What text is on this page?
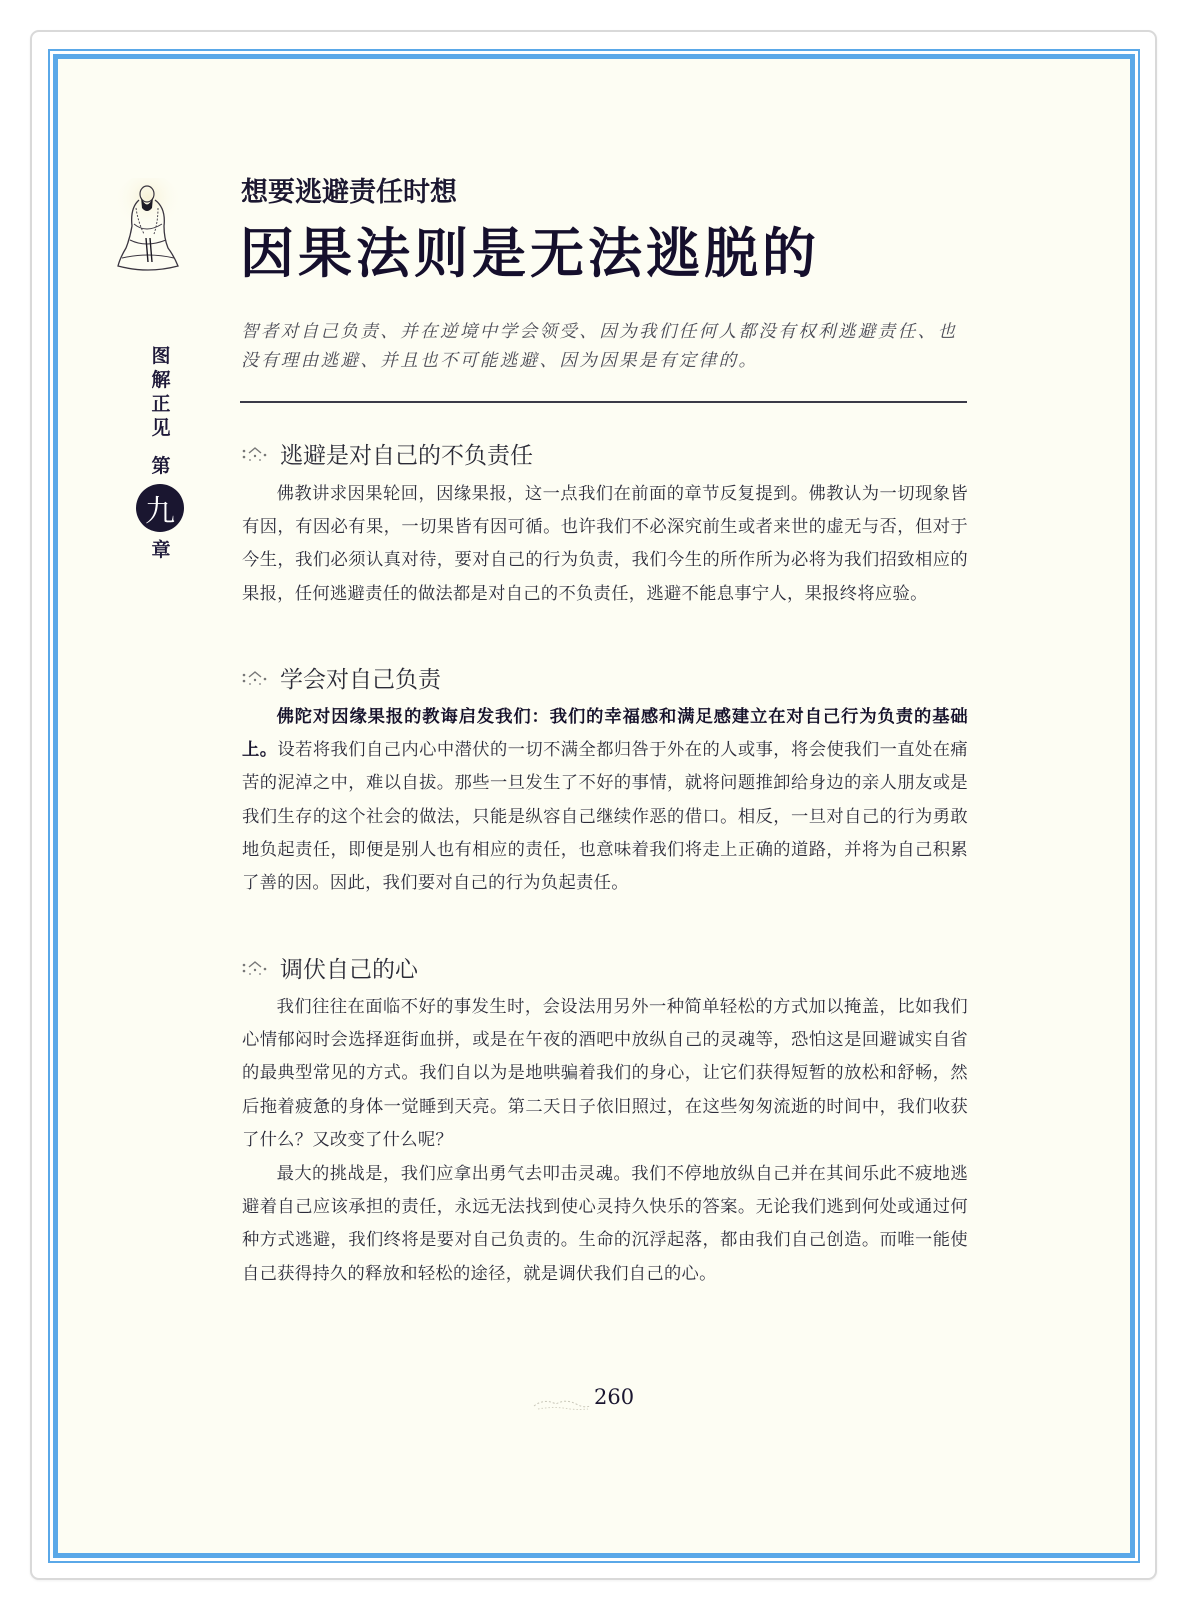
想要逃避责任时想
因果法则是无法逃脱的
智者对自己负责、并在逆境中学会领受、因为我们任何人都没有权利逃避责任、也没有理由逃避、并且也不可能逃避、因为因果是有定律的。
图
解
正
见
第
九
章
逃避是对自己的不负责任
佛教讲求因果轮回，因缘果报，这一点我们在前面的章节反复提到。佛教认为一切现象皆有因，有因必有果，一切果皆有因可循。也许我们不必深究前生或者来世的虚无与否，但对于今生，我们必须认真对待，要对自己的行为负责，我们今生的所作所为必将为我们招致相应的果报，任何逃避责任的做法都是对自己的不负责任，逃避不能息事宁人，果报终将应验。
学会对自己负责
佛陀对因缘果报的教诲启发我们：我们的幸福感和满足感建立在对自己行为负责的基础上。设若将我们自己内心中潜伏的一切不满全都归咎于外在的人或事，将会使我们一直处在痛苦的泥淖之中，难以自拔。那些一旦发生了不好的事情，就将问题推卸给身边的亲人朋友或是我们生存的这个社会的做法，只能是纵容自己继续作恶的借口。相反，一旦对自己的行为勇敢地负起责任，即便是别人也有相应的责任，也意味着我们将走上正确的道路，并将为自己积累了善的因。因此，我们要对自己的行为负起责任。
调伏自己的心
我们往往在面临不好的事发生时，会设法用另外一种简单轻松的方式加以掩盖，比如我们心情郁闷时会选择逛街血拼，或是在午夜的酒吧中放纵自己的灵魂等，恐怕这是回避诚实自省的最典型常见的方式。我们自以为是地哄骗着我们的身心，让它们获得短暂的放松和舒畅，然后拖着疲惫的身体一觉睡到天亮。第二天日子依旧照过，在这些匆匆流逝的时间中，我们收获了什么？又改变了什么呢？
最大的挑战是，我们应拿出勇气去叩击灵魂。我们不停地放纵自己并在其间乐此不疲地逃避着自己应该承担的责任，永远无法找到使心灵持久快乐的答案。无论我们逃到何处或通过何种方式逃避，我们终将是要对自己负责的。生命的沉浮起落，都由我们自己创造。而唯一能使自己获得持久的释放和轻松的途径，就是调伏我们自己的心。
260
